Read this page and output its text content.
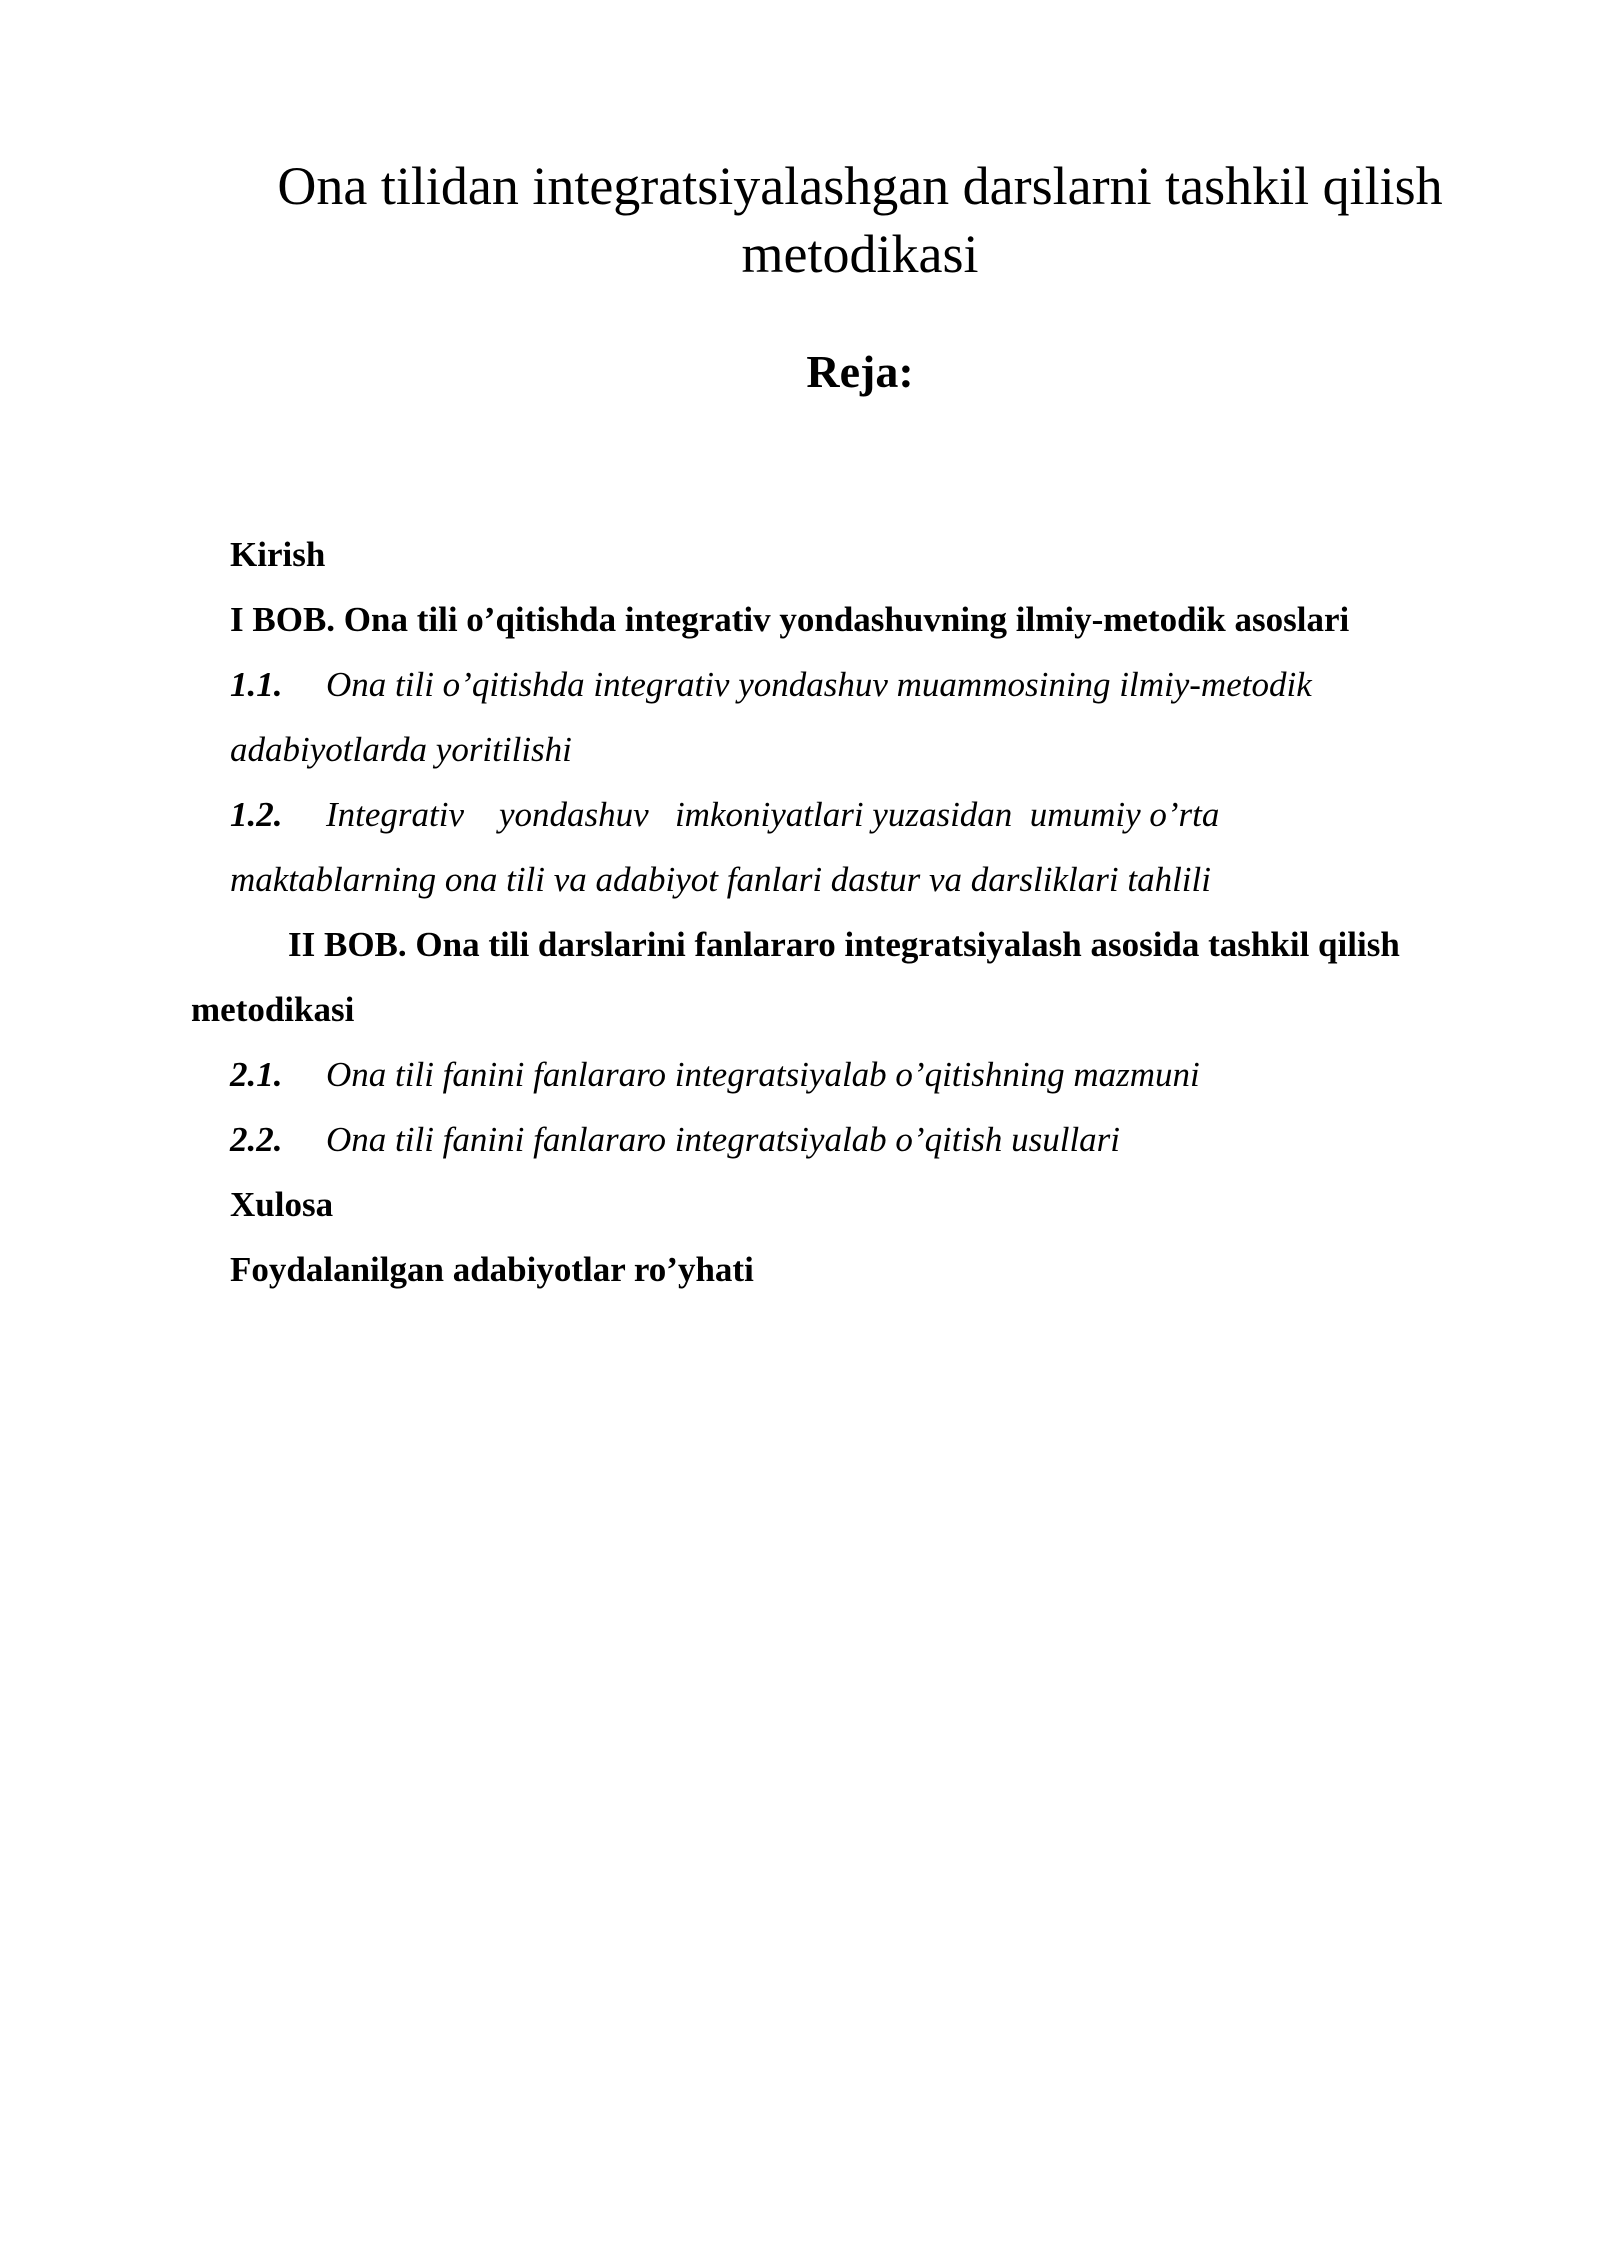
Ona tilidan integratsiyalashgan darslarni tashkil qilish metodikasi
Reja:
Kirish
I BOB. Ona tili o’qitishda integrativ yondashuvning ilmiy-metodik asoslari
1.1. Ona tili o’qitishda integrativ yondashuv muammosining ilmiy-metodik
adabiyotlarda yoritilishi
1.2. Integrativ    yondashuv   imkoniyatlari yuzasidan  umumiy o’rta
maktablarning ona tili va adabiyot fanlari dastur va darsliklari tahlili
II BOB. Ona tili darslarini fanlararo integratsiyalash asosida tashkil qilish
metodikasi
2.1. Ona tili fanini fanlararo integratsiyalab o’qitishning mazmuni
2.2. Ona tili fanini fanlararo integratsiyalab o’qitish usullari
Xulosa
Foydalanilgan adabiyotlar ro’yhati
